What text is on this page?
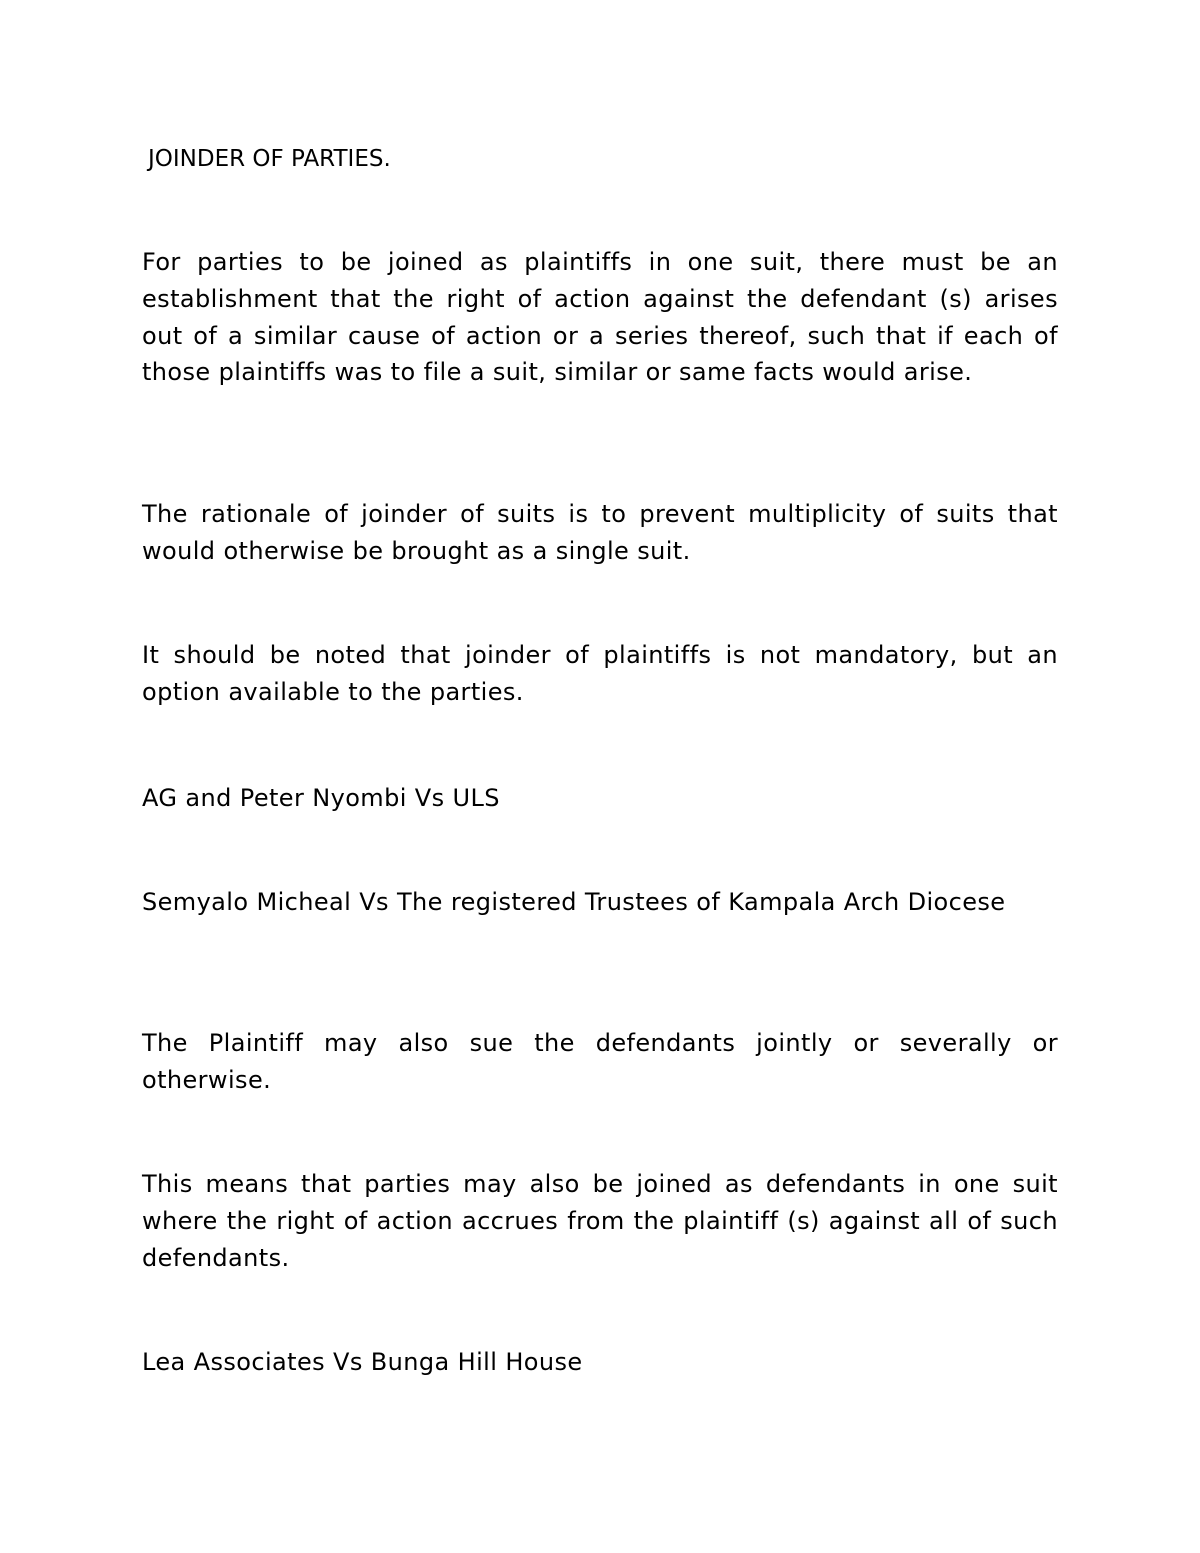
JOINDER OF PARTIES.
For parties to be joined as plaintiffs in one suit, there must be an establishment that the right of action against the defendant (s) arises out of a similar cause of action or a series thereof, such that if each of those plaintiffs was to file a suit, similar or same facts would arise.
The rationale of joinder of suits is to prevent multiplicity of suits that would otherwise be brought as a single suit.
It should be noted that joinder of plaintiffs is not mandatory, but an option available to the parties.
AG and Peter Nyombi Vs ULS
Semyalo Micheal Vs The registered Trustees of Kampala Arch Diocese
The Plaintiff may also sue the defendants jointly or severally or otherwise.
This means that parties may also be joined as defendants in one suit where the right of action accrues from the plaintiff (s) against all of such defendants.
Lea Associates Vs Bunga Hill House
